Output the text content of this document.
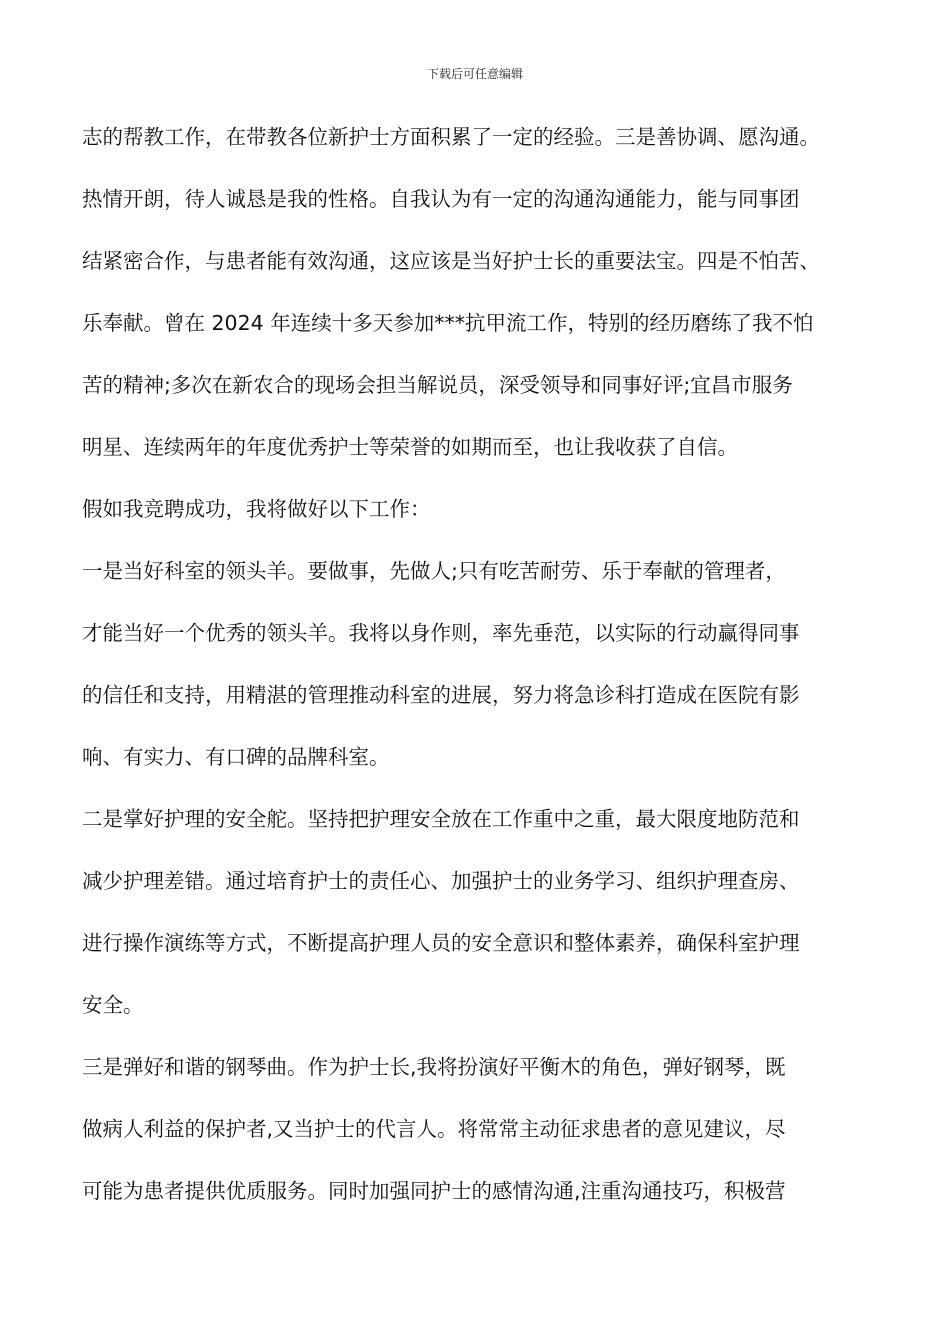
下载后可任意编辑
志的帮教工作，在带教各位新护士方面积累了一定的经验。三是善协调、愿沟通。
热情开朗，待人诚恳是我的性格。自我认为有一定的沟通沟通能力，能与同事团
结紧密合作，与患者能有效沟通，这应该是当好护士长的重要法宝。四是不怕苦、
乐奉献。曾在 2024 年连续十多天参加***抗甲流工作，特别的经历磨练了我不怕
苦的精神;多次在新农合的现场会担当解说员，深受领导和同事好评;宜昌市服务
明星、连续两年的年度优秀护士等荣誉的如期而至，也让我收获了自信。
假如我竞聘成功，我将做好以下工作：
一是当好科室的领头羊。要做事，先做人;只有吃苦耐劳、乐于奉献的管理者，
才能当好一个优秀的领头羊。我将以身作则，率先垂范，以实际的行动赢得同事
的信任和支持，用精湛的管理推动科室的进展，努力将急诊科打造成在医院有影
响、有实力、有口碑的品牌科室。
二是掌好护理的安全舵。坚持把护理安全放在工作重中之重，最大限度地防范和
减少护理差错。通过培育护士的责任心、加强护士的业务学习、组织护理查房、
进行操作演练等方式，不断提高护理人员的安全意识和整体素养，确保科室护理
安全。
三是弹好和谐的钢琴曲。作为护士长,我将扮演好平衡木的角色，弹好钢琴，既
做病人利益的保护者,又当护士的代言人。将常常主动征求患者的意见建议，尽
可能为患者提供优质服务。同时加强同护士的感情沟通,注重沟通技巧，积极营
